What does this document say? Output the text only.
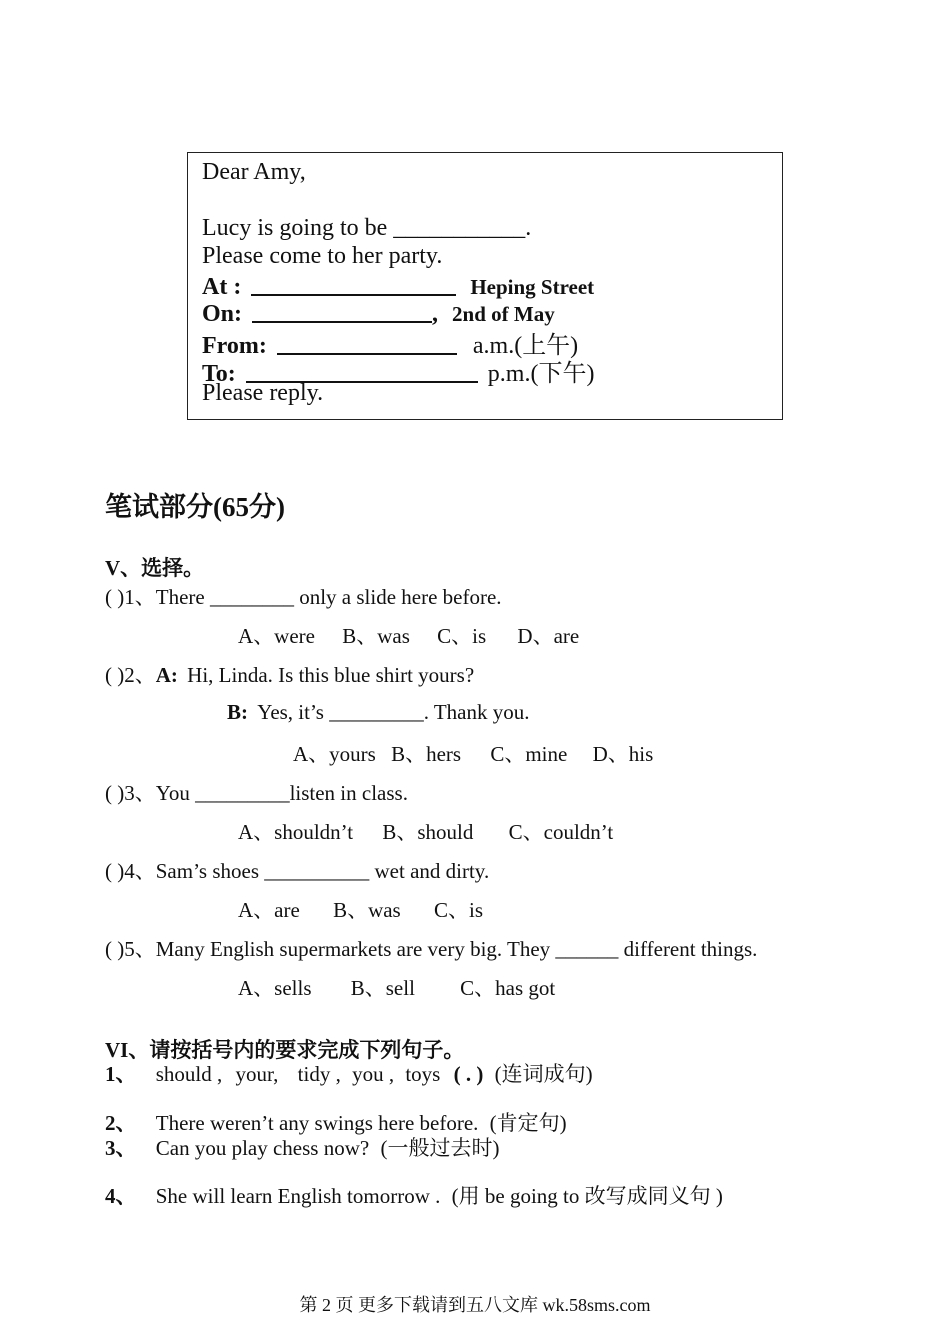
Dear Amy,
Lucy is going to be ___________.
Please come to her party.
At :	Heping Street
On:	, 2nd of May
From:	a.m.(上午)
To:	p.m.(下午)
Please reply.
笔试部分(65分)
V、选择。
( )1、There ________ only a slide here before.
A、were B、was C、is D、are
( )2、A: Hi, Linda. Is this blue shirt yours?
B: Yes, it’s _________. Thank you.
A、yours B、hers C、mine D、his
( )3、You _________listen in class.
A、shouldn’t B、should C、couldn’t
( )4、Sam’s shoes __________ wet and dirty.
A、are B、was C、is
( )5、Many English supermarkets are very big. They ______ different things.
A、sells B、sell C、has got
VI、请按括号内的要求完成下列句子。
1、 should , your, tidy , you , toys ( . ) (连词成句)
2、 There weren’t any swings here before. (肯定句)
3、 Can you play chess now? (一般过去时)
4、 She will learn English tomorrow . (用 be going to 改写成同义句 )
第 2 页 更多下载请到五八文库 wk.58sms.com
